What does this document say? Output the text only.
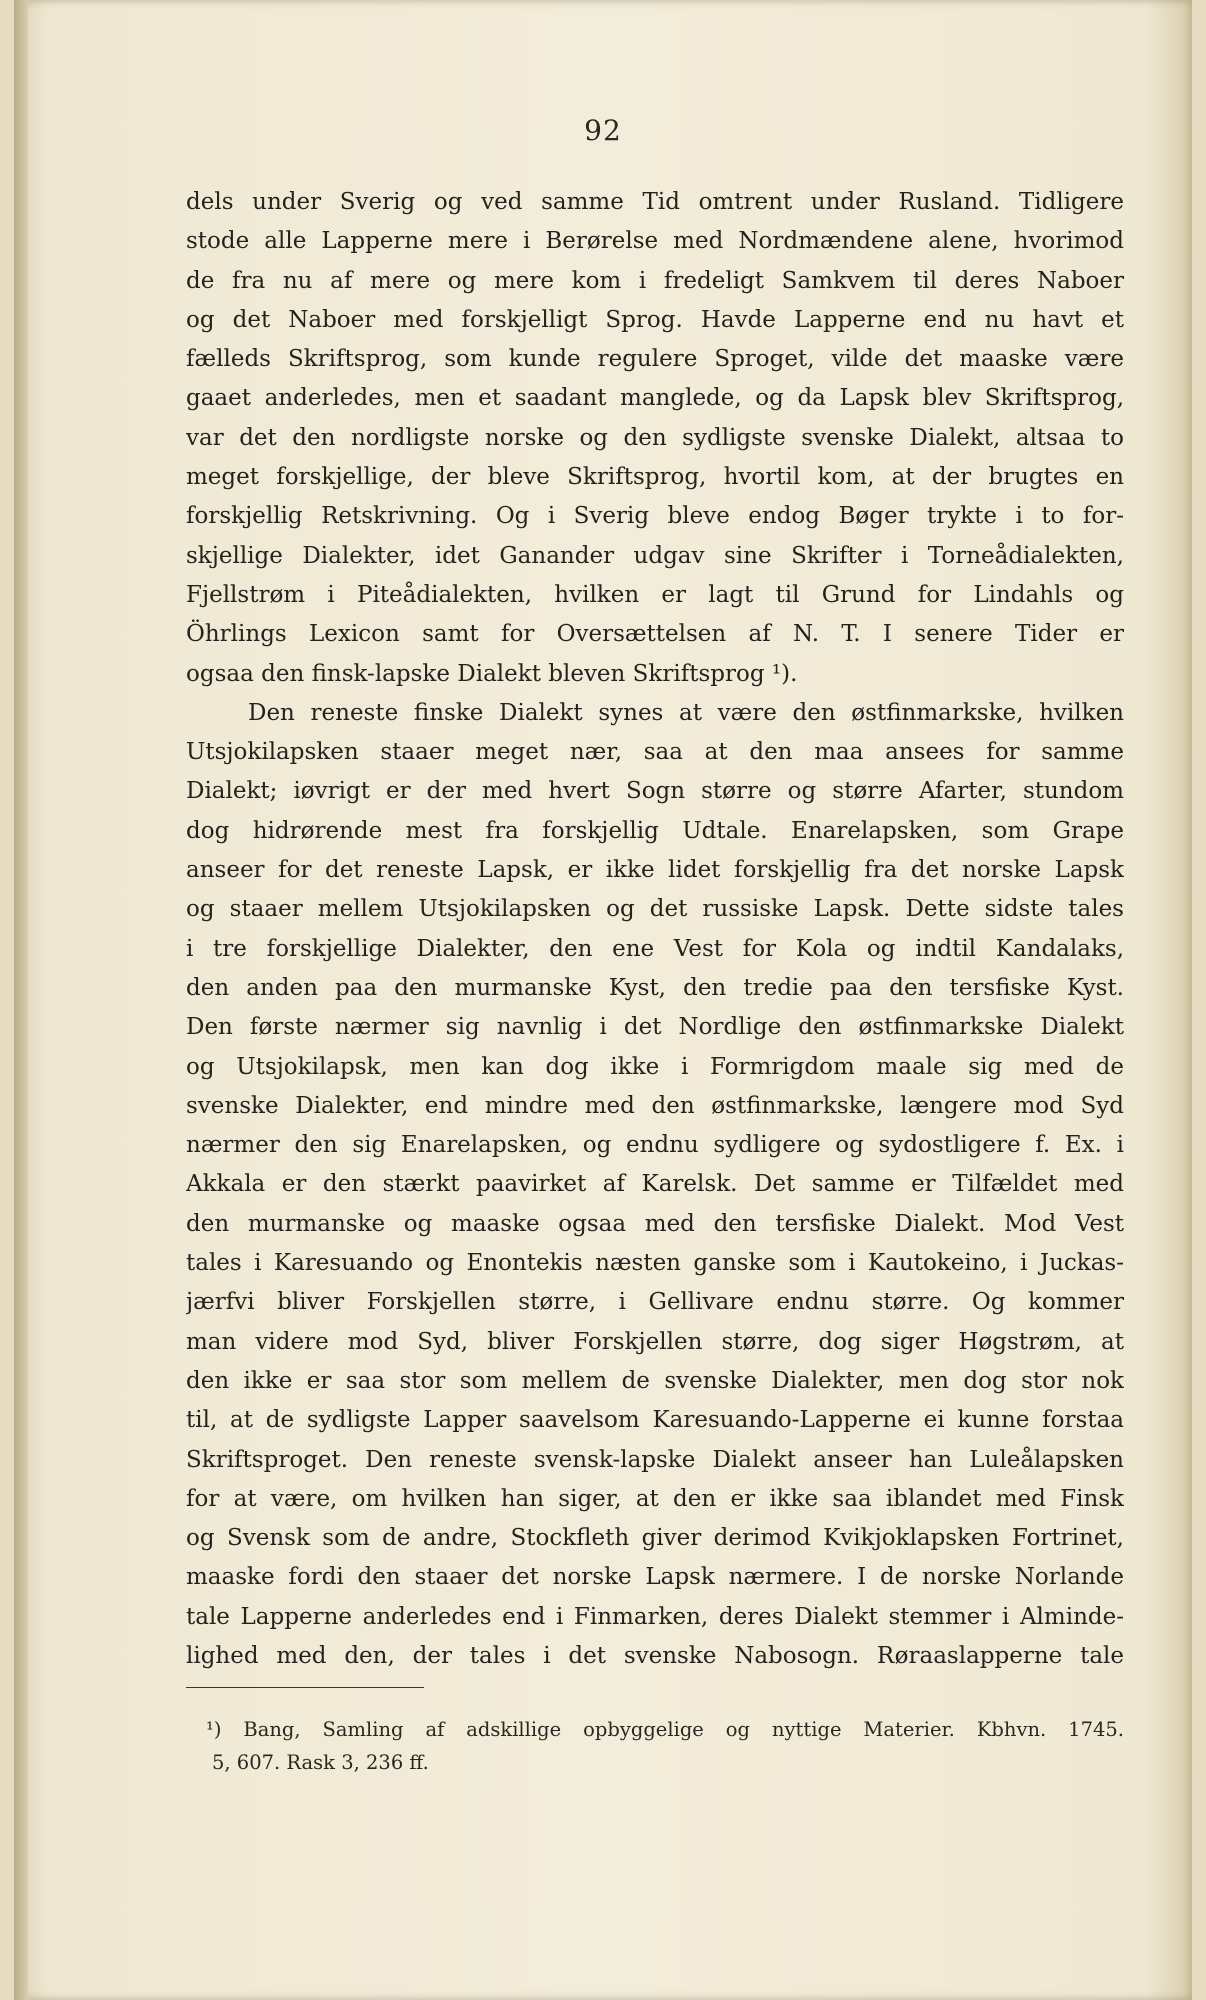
92
dels under Sverig og ved samme Tid omtrent under Rusland. Tidligere
stode alle Lapperne mere i Berørelse med Nordmændene alene, hvorimod
de fra nu af mere og mere kom i fredeligt Samkvem til deres Naboer
og det Naboer med forskjelligt Sprog. Havde Lapperne end nu havt et
fælleds Skriftsprog, som kunde regulere Sproget, vilde det maaske være
gaaet anderledes, men et saadant manglede, og da Lapsk blev Skriftsprog,
var det den nordligste norske og den sydligste svenske Dialekt, altsaa to
meget forskjellige, der bleve Skriftsprog, hvortil kom, at der brugtes en
forskjellig Retskrivning. Og i Sverig bleve endog Bøger trykte i to for-
skjellige Dialekter, idet Ganander udgav sine Skrifter i Torneådialekten,
Fjellstrøm i Piteådialekten, hvilken er lagt til Grund for Lindahls og
Öhrlings Lexicon samt for Oversættelsen af N. T. I senere Tider er
ogsaa den finsk-lapske Dialekt bleven Skriftsprog ¹).
Den reneste finske Dialekt synes at være den østfinmarkske, hvilken
Utsjokilapsken staaer meget nær, saa at den maa ansees for samme
Dialekt; iøvrigt er der med hvert Sogn større og større Afarter, stundom
dog hidrørende mest fra forskjellig Udtale. Enarelapsken, som Grape
anseer for det reneste Lapsk, er ikke lidet forskjellig fra det norske Lapsk
og staaer mellem Utsjokilapsken og det russiske Lapsk. Dette sidste tales
i tre forskjellige Dialekter, den ene Vest for Kola og indtil Kandalaks,
den anden paa den murmanske Kyst, den tredie paa den tersfiske Kyst.
Den første nærmer sig navnlig i det Nordlige den østfinmarkske Dialekt
og Utsjokilapsk, men kan dog ikke i Formrigdom maale sig med de
svenske Dialekter, end mindre med den østfinmarkske, længere mod Syd
nærmer den sig Enarelapsken, og endnu sydligere og sydostligere f. Ex. i
Akkala er den stærkt paavirket af Karelsk. Det samme er Tilfældet med
den murmanske og maaske ogsaa med den tersfiske Dialekt. Mod Vest
tales i Karesuando og Enontekis næsten ganske som i Kautokeino, i Juckas-
jærfvi bliver Forskjellen større, i Gellivare endnu større. Og kommer
man videre mod Syd, bliver Forskjellen større, dog siger Høgstrøm, at
den ikke er saa stor som mellem de svenske Dialekter, men dog stor nok
til, at de sydligste Lapper saavelsom Karesuando-Lapperne ei kunne forstaa
Skriftsproget. Den reneste svensk-lapske Dialekt anseer han Luleålapsken
for at være, om hvilken han siger, at den er ikke saa iblandet med Finsk
og Svensk som de andre, Stockfleth giver derimod Kvikjoklapsken Fortrinet,
maaske fordi den staaer det norske Lapsk nærmere. I de norske Norlande
tale Lapperne anderledes end i Finmarken, deres Dialekt stemmer i Alminde-
lighed med den, der tales i det svenske Nabosogn. Røraaslapperne tale
¹) Bang, Samling af adskillige opbyggelige og nyttige Materier. Kbhvn. 1745.
5, 607. Rask 3, 236 ff.
